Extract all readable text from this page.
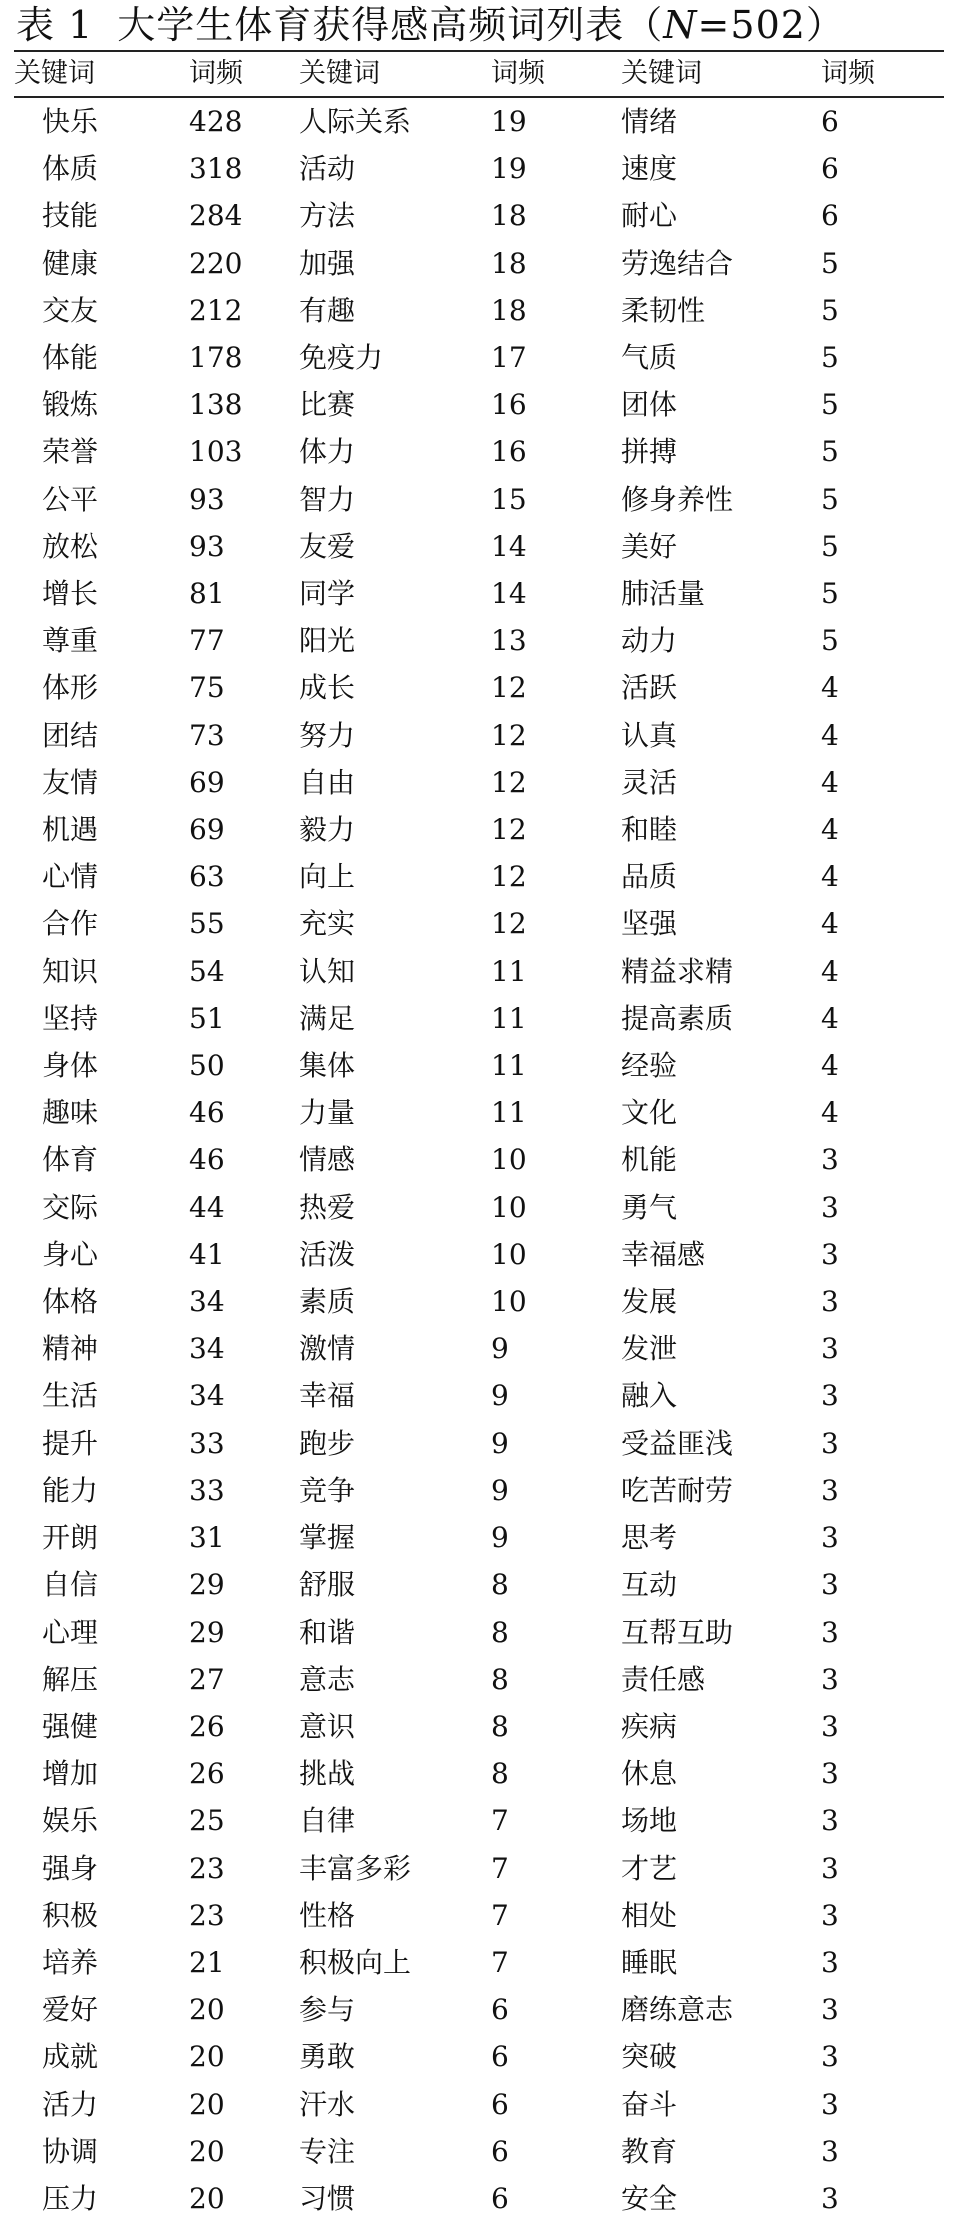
表 1 大学生体育获得感高频词列表（N=502）
关键词	词频	关键词	词频	关键词	词频
快乐	428	人际关系	19	情绪	6
体质	318	活动	19	速度	6
技能	284	方法	18	耐心	6
健康	220	加强	18	劳逸结合	5
交友	212	有趣	18	柔韧性	5
体能	178	免疫力	17	气质	5
锻炼	138	比赛	16	团体	5
荣誉	103	体力	16	拼搏	5
公平	93	智力	15	修身养性	5
放松	93	友爱	14	美好	5
增长	81	同学	14	肺活量	5
尊重	77	阳光	13	动力	5
体形	75	成长	12	活跃	4
团结	73	努力	12	认真	4
友情	69	自由	12	灵活	4
机遇	69	毅力	12	和睦	4
心情	63	向上	12	品质	4
合作	55	充实	12	坚强	4
知识	54	认知	11	精益求精	4
坚持	51	满足	11	提高素质	4
身体	50	集体	11	经验	4
趣味	46	力量	11	文化	4
体育	46	情感	10	机能	3
交际	44	热爱	10	勇气	3
身心	41	活泼	10	幸福感	3
体格	34	素质	10	发展	3
精神	34	激情	9	发泄	3
生活	34	幸福	9	融入	3
提升	33	跑步	9	受益匪浅	3
能力	33	竞争	9	吃苦耐劳	3
开朗	31	掌握	9	思考	3
自信	29	舒服	8	互动	3
心理	29	和谐	8	互帮互助	3
解压	27	意志	8	责任感	3
强健	26	意识	8	疾病	3
增加	26	挑战	8	休息	3
娱乐	25	自律	7	场地	3
强身	23	丰富多彩	7	才艺	3
积极	23	性格	7	相处	3
培养	21	积极向上	7	睡眠	3
爱好	20	参与	6	磨练意志	3
成就	20	勇敢	6	突破	3
活力	20	汗水	6	奋斗	3
协调	20	专注	6	教育	3
压力	20	习惯	6	安全	3
